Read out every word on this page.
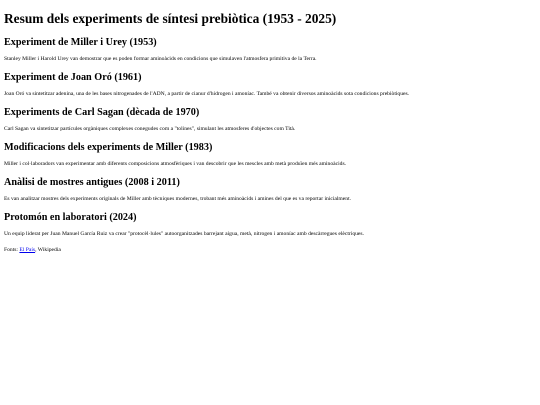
Resum dels experiments de síntesi prebiòtica (1953 - 2025)
Experiment de Miller i Urey (1953)

Stanley Miller i Harold Urey van demostrar que es poden formar aminoàcids en condicions que simulaven l'atmosfera primitiva de la Terra.

Experiment de Joan Oró (1961)

Joan Oró va sintetitzar adenina, una de les bases nitrogenades de l'ADN, a partir de cianur d'hidrogen i amoníac. També va obtenir diversos aminoàcids sota condicions prebiòtiques.

Experiments de Carl Sagan (dècada de 1970)

Carl Sagan va sintetitzar partícules orgàniques complexes conegudes com a "tolines", simulant les atmosferes d'objectes com Tità.

Modificacions dels experiments de Miller (1983)

Miller i col·laboradors van experimentar amb diferents composicions atmosfèriques i van descobrir que les mescles amb metà produïen més aminoàcids.

Anàlisi de mostres antigues (2008 i 2011)

Es van analitzar mostres dels experiments originals de Miller amb tècniques modernes, trobant més aminoàcids i amines del que es va reportar inicialment.

Protomón en laboratori (2024)

Un equip liderat per Juan Manuel García Ruiz va crear "protocèl·lules" autoorganitzades barrejant aigua, metà, nitrogen i amoníac amb descàrregues elèctriques.

Fonts: El País, Wikipedia
